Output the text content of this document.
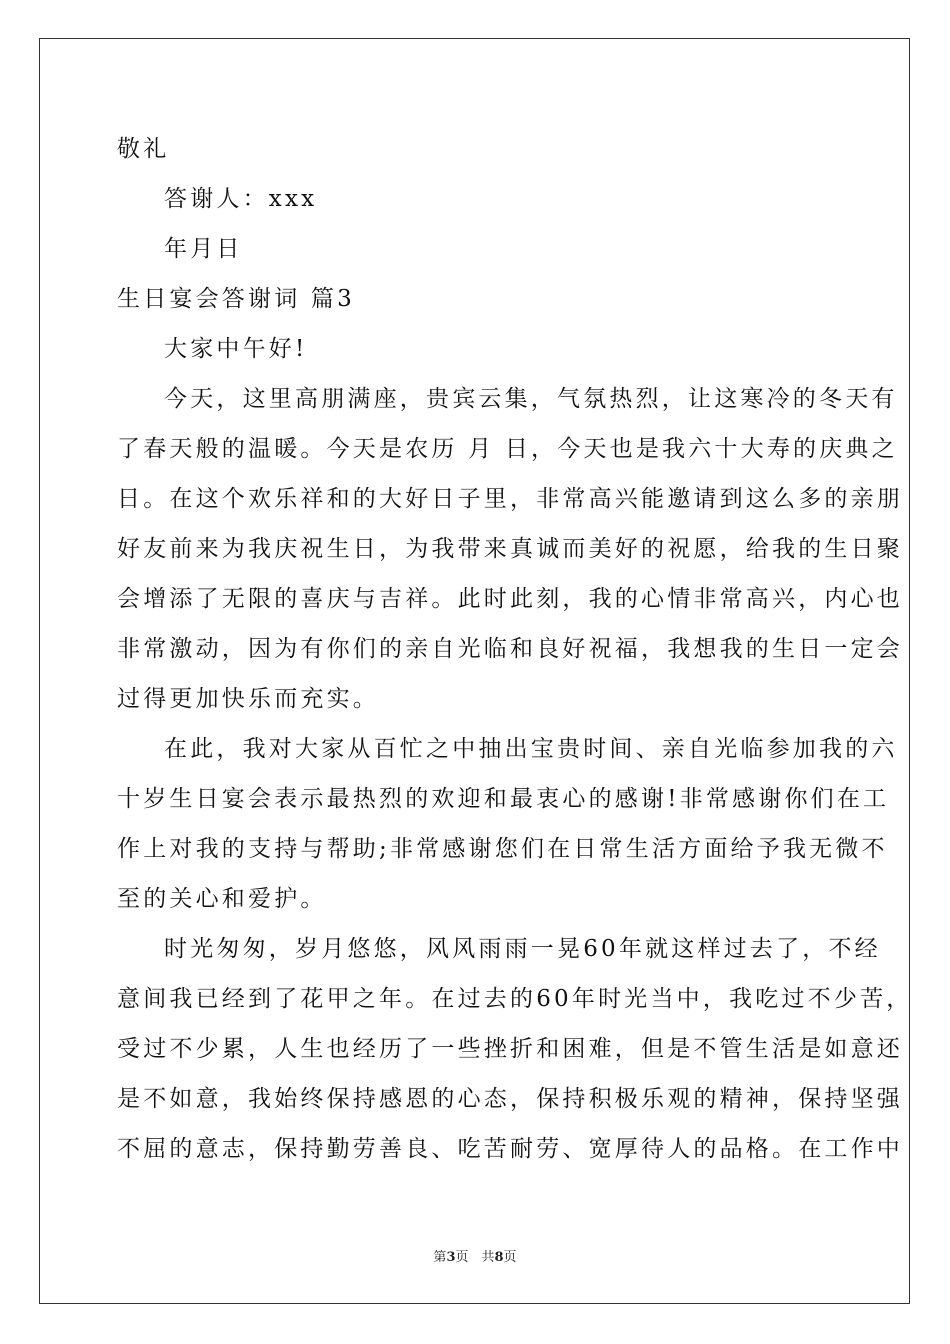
敬礼
答谢人：xxx
年月日
生日宴会答谢词 篇3
大家中午好!
今天，这里高朋满座，贵宾云集，气氛热烈，让这寒冷的冬天有
了春天般的温暖。今天是农历 月 日，今天也是我六十大寿的庆典之
日。在这个欢乐祥和的大好日子里，非常高兴能邀请到这么多的亲朋
好友前来为我庆祝生日，为我带来真诚而美好的祝愿，给我的生日聚
会增添了无限的喜庆与吉祥。此时此刻，我的心情非常高兴，内心也
非常激动，因为有你们的亲自光临和良好祝福，我想我的生日一定会
过得更加快乐而充实。
在此，我对大家从百忙之中抽出宝贵时间、亲自光临参加我的六
十岁生日宴会表示最热烈的欢迎和最衷心的感谢!非常感谢你们在工
作上对我的支持与帮助;非常感谢您们在日常生活方面给予我无微不
至的关心和爱护。
时光匆匆，岁月悠悠，风风雨雨一晃60年就这样过去了，不经
意间我已经到了花甲之年。在过去的60年时光当中，我吃过不少苦，
受过不少累，人生也经历了一些挫折和困难，但是不管生活是如意还
是不如意，我始终保持感恩的心态，保持积极乐观的精神，保持坚强
不屈的意志，保持勤劳善良、吃苦耐劳、宽厚待人的品格。在工作中
第3页　共8页
